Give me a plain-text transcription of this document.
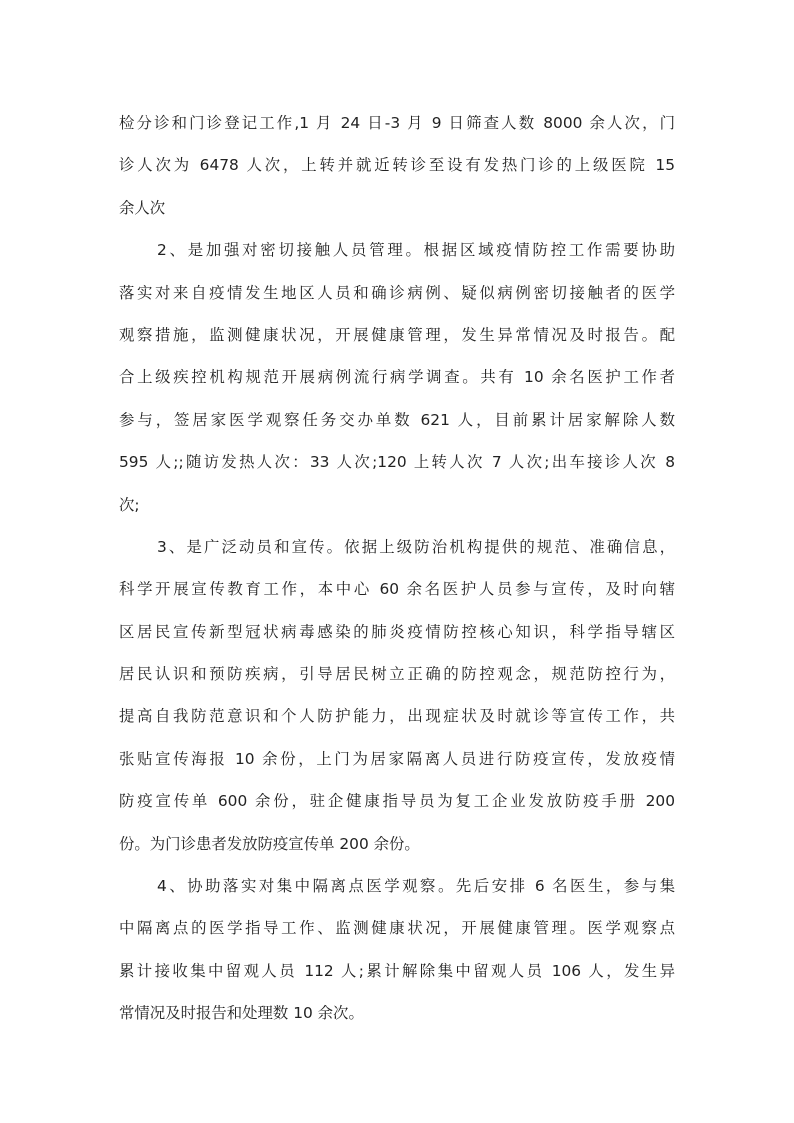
检分诊和门诊登记工作,1 月 24 日-3 月 9 日筛查人数 8000 余人次，门
诊人次为 6478 人次，上转并就近转诊至设有发热门诊的上级医院 15
余人次
2、是加强对密切接触人员管理。根据区域疫情防控工作需要协助
落实对来自疫情发生地区人员和确诊病例、疑似病例密切接触者的医学
观察措施，监测健康状况，开展健康管理，发生异常情况及时报告。配
合上级疾控机构规范开展病例流行病学调查。共有 10 余名医护工作者
参与，签居家医学观察任务交办单数 621 人，目前累计居家解除人数
595 人;;随访发热人次：33 人次;120 上转人次 7 人次;出车接诊人次 8
次;
3、是广泛动员和宣传。依据上级防治机构提供的规范、准确信息，
科学开展宣传教育工作，本中心 60 余名医护人员参与宣传，及时向辖
区居民宣传新型冠状病毒感染的肺炎疫情防控核心知识，科学指导辖区
居民认识和预防疾病，引导居民树立正确的防控观念，规范防控行为，
提高自我防范意识和个人防护能力，出现症状及时就诊等宣传工作，共
张贴宣传海报 10 余份，上门为居家隔离人员进行防疫宣传，发放疫情
防疫宣传单 600 余份，驻企健康指导员为复工企业发放防疫手册 200
份。为门诊患者发放防疫宣传单 200 余份。
4、协助落实对集中隔离点医学观察。先后安排 6 名医生，参与集
中隔离点的医学指导工作、监测健康状况，开展健康管理。医学观察点
累计接收集中留观人员 112 人;累计解除集中留观人员 106 人，发生异
常情况及时报告和处理数 10 余次。
